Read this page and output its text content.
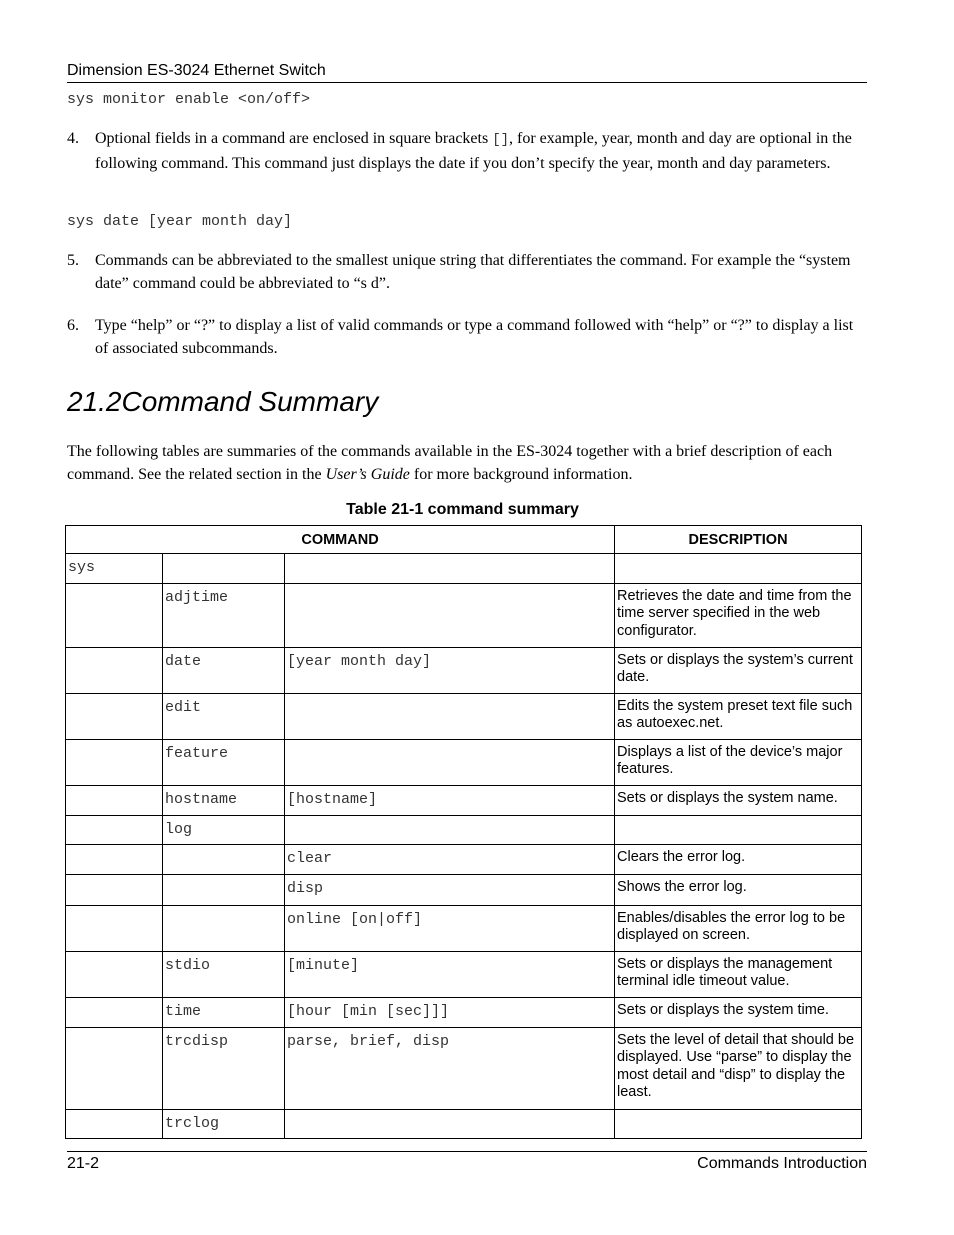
Dimension ES-3024 Ethernet Switch
sys monitor enable <on/off>
4. Optional fields in a command are enclosed in square brackets [], for example, year, month and day are optional in the following command. This command just displays the date if you don’t specify the year, month and day parameters.
sys date [year month day]
5. Commands can be abbreviated to the smallest unique string that differentiates the command. For example the “system date” command could be abbreviated to “s d”.
6. Type “help” or “?” to display a list of valid commands or type a command followed with “help” or “?” to display a list of associated subcommands.
21.2Command Summary
The following tables are summaries of the commands available in the ES-3024 together with a brief description of each command. See the related section in the User’s Guide for more background information.
Table 21-1 command summary
COMMAND			DESCRIPTION
sys			
	adjtime		Retrieves the date and time from the time server specified in the web configurator.
	date	[year month day]	Sets or displays the system’s current date.
	edit		Edits the system preset text file such as autoexec.net.
	feature		Displays a list of the device’s major features.
	hostname	[hostname]	Sets or displays the system name.
	log		
		clear	Clears the error log.
		disp	Shows the error log.
		online [on|off]	Enables/disables the error log to be displayed on screen.
	stdio	[minute]	Sets or displays the management terminal idle timeout value.
	time	[hour [min [sec]]]	Sets or displays the system time.
	trcdisp	parse, brief, disp	Sets the level of detail that should be displayed. Use “parse” to display the most detail and “disp” to display the least.
	trclog		
21-2	Commands Introduction
